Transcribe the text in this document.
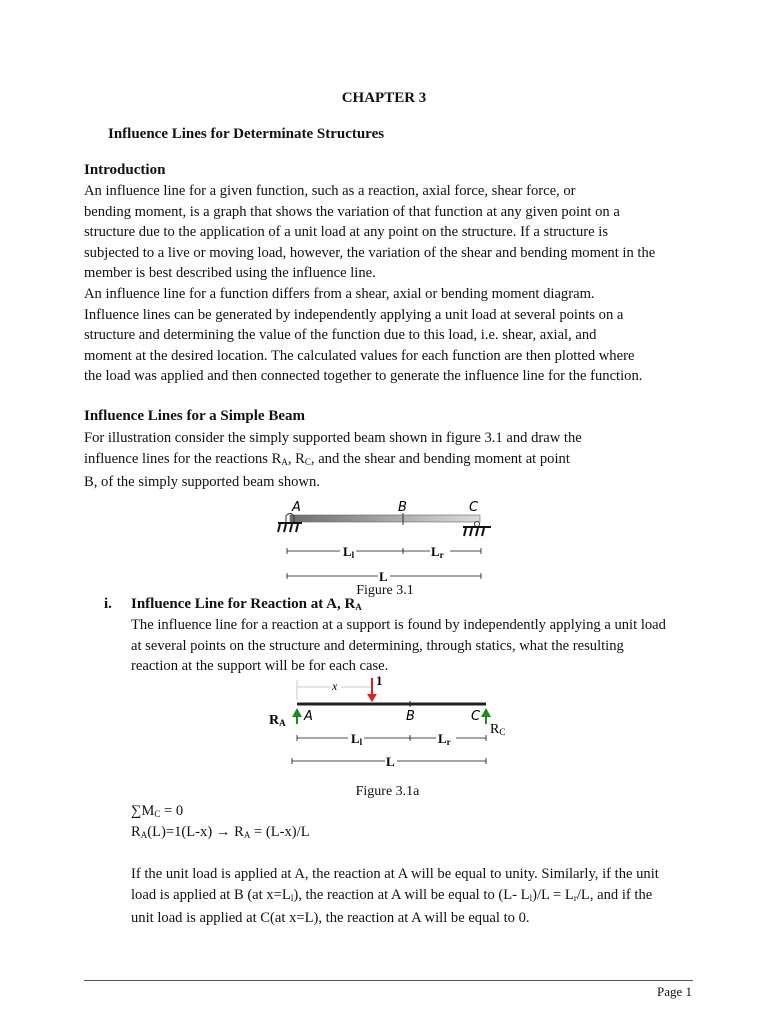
CHAPTER 3
Influence Lines for Determinate Structures
Introduction
An influence line for a given function, such as a reaction, axial force, shear force, or
bending moment, is a graph that shows the variation of that function at any given point on a
structure due to the application of a unit load at any point on the structure. If a structure is
subjected to a live or moving load, however, the variation of the shear and bending moment in the
member is best described using the influence line.
An influence line for a function differs from a shear, axial or bending moment diagram.
Influence lines can be generated by independently applying a unit load at several points on a
structure and determining the value of the function due to this load, i.e. shear, axial, and
moment at the desired location. The calculated values for each function are then plotted where
the load was applied and then connected together to generate the influence line for the function.
Influence Lines for a Simple Beam
For illustration consider the simply supported beam shown in figure 3.1 and draw the
influence lines for the reactions $R_A$, $R_C$, and the shear and bending moment at point
B, of the simply supported beam shown.
A	B	C
Ll	Lr
L
Figure 3.1
i. Influence Line for Reaction at A, $R_A$
The influence line for a reaction at a support is found by independently applying a unit load
at several points on the structure and determining, through statics, what the resulting
reaction at the support will be for each case.
x	1
RA	RC
A	B	C
Ll	Lr
L
Figure 3.1a
$\sum M_C = 0$
$R_A(L)=1(L-x) \to R_A = (L-x)/L$
If the unit load is applied at A, the reaction at A will be equal to unity. Similarly, if the unit
load is applied at B (at $x=L_l$), the reaction at A will be equal to (L- $L_l)/L = L_r/L$, and if the
unit load is applied at C(at x=L), the reaction at A will be equal to 0.
Page 1
